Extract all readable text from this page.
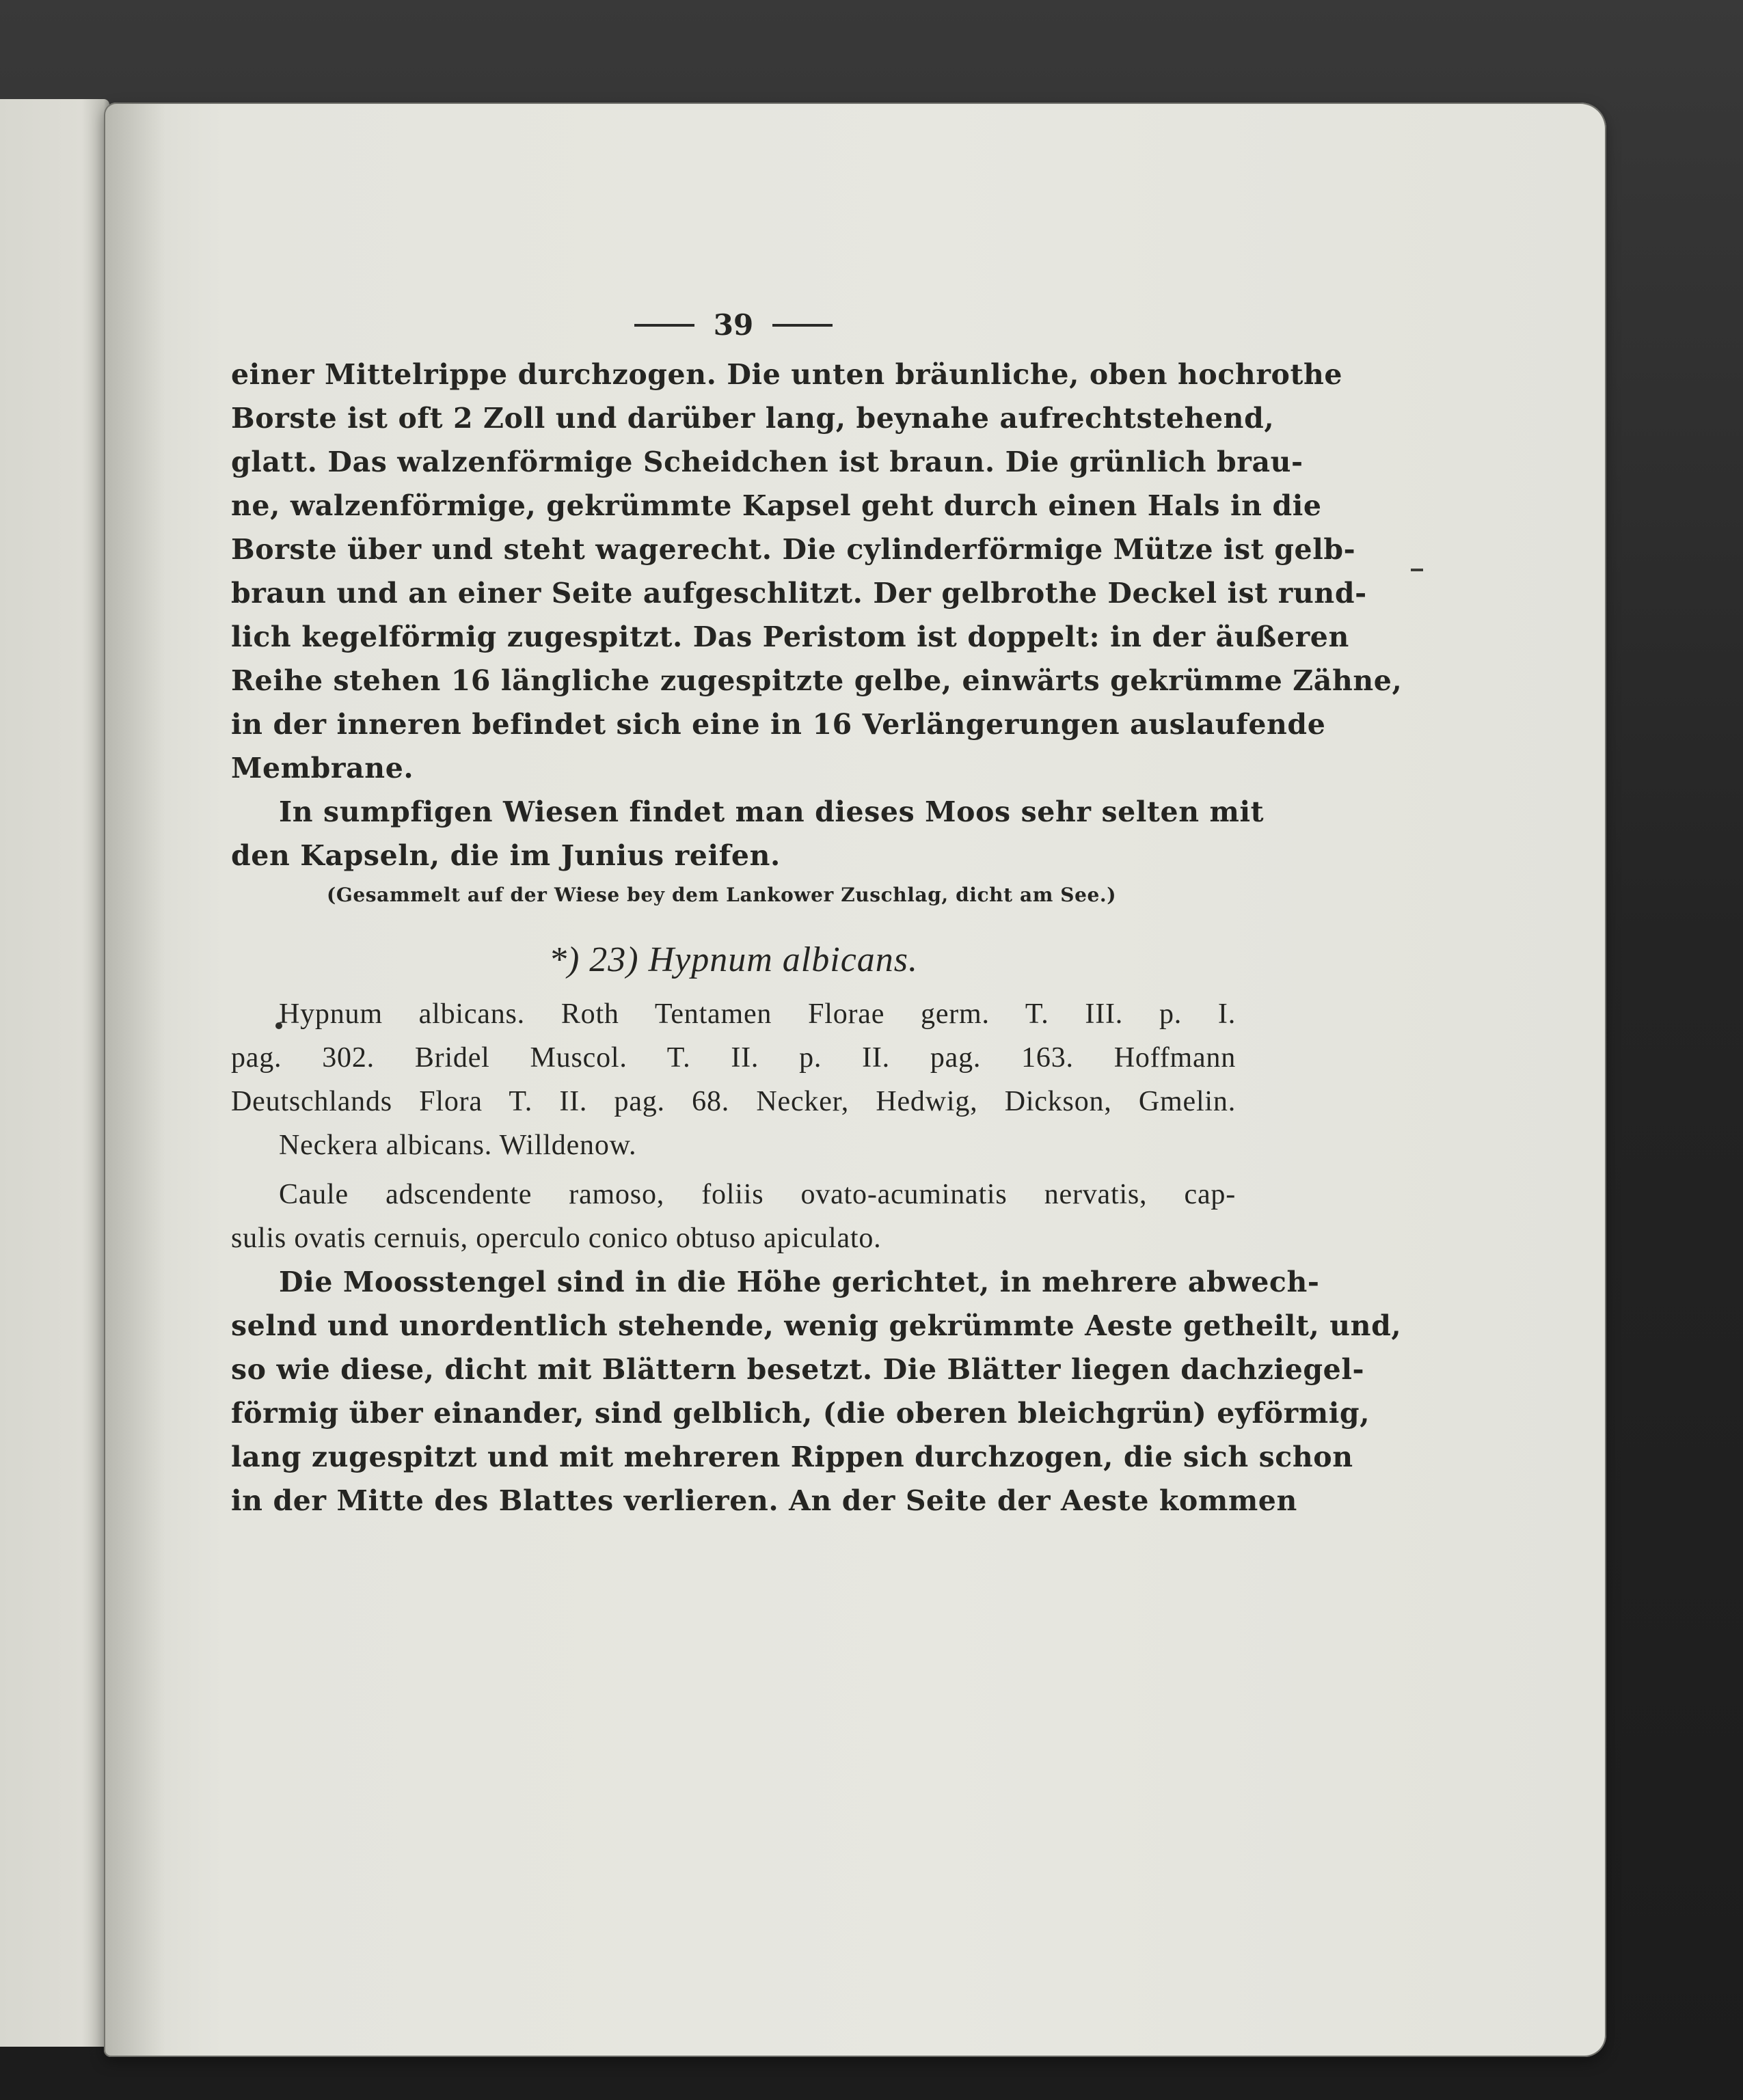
39
einer Mittelrippe durchzogen. Die unten bräunliche, oben hochrothe
Borste ist oft 2 Zoll und darüber lang, beynahe aufrechtstehend,
glatt. Das walzenförmige Scheidchen ist braun. Die grünlich brau-
ne, walzenförmige, gekrümmte Kapsel geht durch einen Hals in die
Borste über und steht wagerecht. Die cylinderförmige Mütze ist gelb-
braun und an einer Seite aufgeschlitzt. Der gelbrothe Deckel ist rund-
lich kegelförmig zugespitzt. Das Peristom ist doppelt: in der äußeren
Reihe stehen 16 längliche zugespitzte gelbe, einwärts gekrümme Zähne,
in der inneren befindet sich eine in 16 Verlängerungen auslaufende
Membrane.
In sumpfigen Wiesen findet man dieses Moos sehr selten mit
den Kapseln, die im Junius reifen.
(Gesammelt auf der Wiese bey dem Lankower Zuschlag, dicht am See.)
*) 23) Hypnum albicans.
Hypnum albicans. Roth Tentamen Florae germ. T. III. p. I.
pag. 302. Bridel Muscol. T. II. p. II. pag. 163. Hoffmann
Deutschlands Flora T. II. pag. 68. Necker, Hedwig, Dickson, Gmelin.
Neckera albicans. Willdenow.
Caule adscendente ramoso, foliis ovato-acuminatis nervatis, cap-
sulis ovatis cernuis, operculo conico obtuso apiculato.
Die Moosstengel sind in die Höhe gerichtet, in mehrere abwech-
selnd und unordentlich stehende, wenig gekrümmte Aeste getheilt, und,
so wie diese, dicht mit Blättern besetzt. Die Blätter liegen dachziegel-
förmig über einander, sind gelblich, (die oberen bleichgrün) eyförmig,
lang zugespitzt und mit mehreren Rippen durchzogen, die sich schon
in der Mitte des Blattes verlieren. An der Seite der Aeste kommen
